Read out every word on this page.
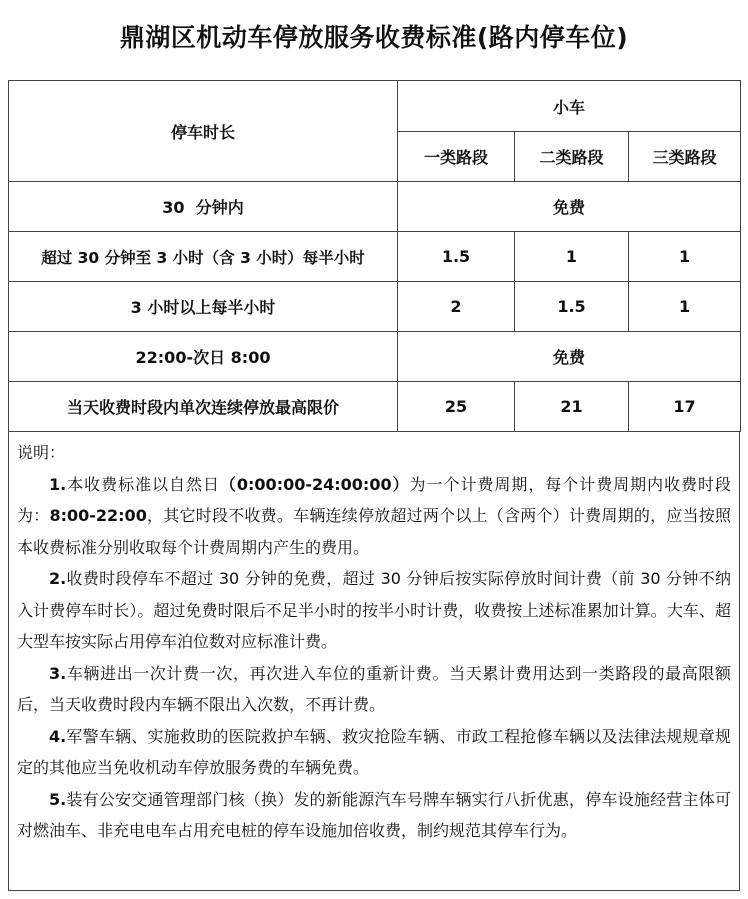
鼎湖区机动车停放服务收费标准(路内停车位)
停车时长	小车		
	一类路段	二类路段	三类路段
30  分钟内	免费		
超过 30 分钟至 3 小时（含 3 小时）每半小时	1.5	1	1
3 小时以上每半小时	2	1.5	1
22:00-次日 8:00	免费		
当天收费时段内单次连续停放最高限价	25	21	17

说明：

1.本收费标准以自然日（0:00:00-24:00:00）为一个计费周期，每个计费周期内收费时段为：8:00-22:00，其它时段不收费。车辆连续停放超过两个以上（含两个）计费周期的，应当按照本收费标准分别收取每个计费周期内产生的费用。

2.收费时段停车不超过 30 分钟的免费，超过 30 分钟后按实际停放时间计费（前 30 分钟不纳入计费停车时长）。超过免费时限后不足半小时的按半小时计费，收费按上述标准累加计算。大车、超大型车按实际占用停车泊位数对应标准计费。

3.车辆进出一次计费一次，再次进入车位的重新计费。当天累计费用达到一类路段的最高限额后，当天收费时段内车辆不限出入次数，不再计费。

4.军警车辆、实施救助的医院救护车辆、救灾抢险车辆、市政工程抢修车辆以及法律法规规章规定的其他应当免收机动车停放服务费的车辆免费。

5.装有公安交通管理部门核（换）发的新能源汽车号牌车辆实行八折优惠，停车设施经营主体可对燃油车、非充电电车占用充电桩的停车设施加倍收费，制约规范其停车行为。
